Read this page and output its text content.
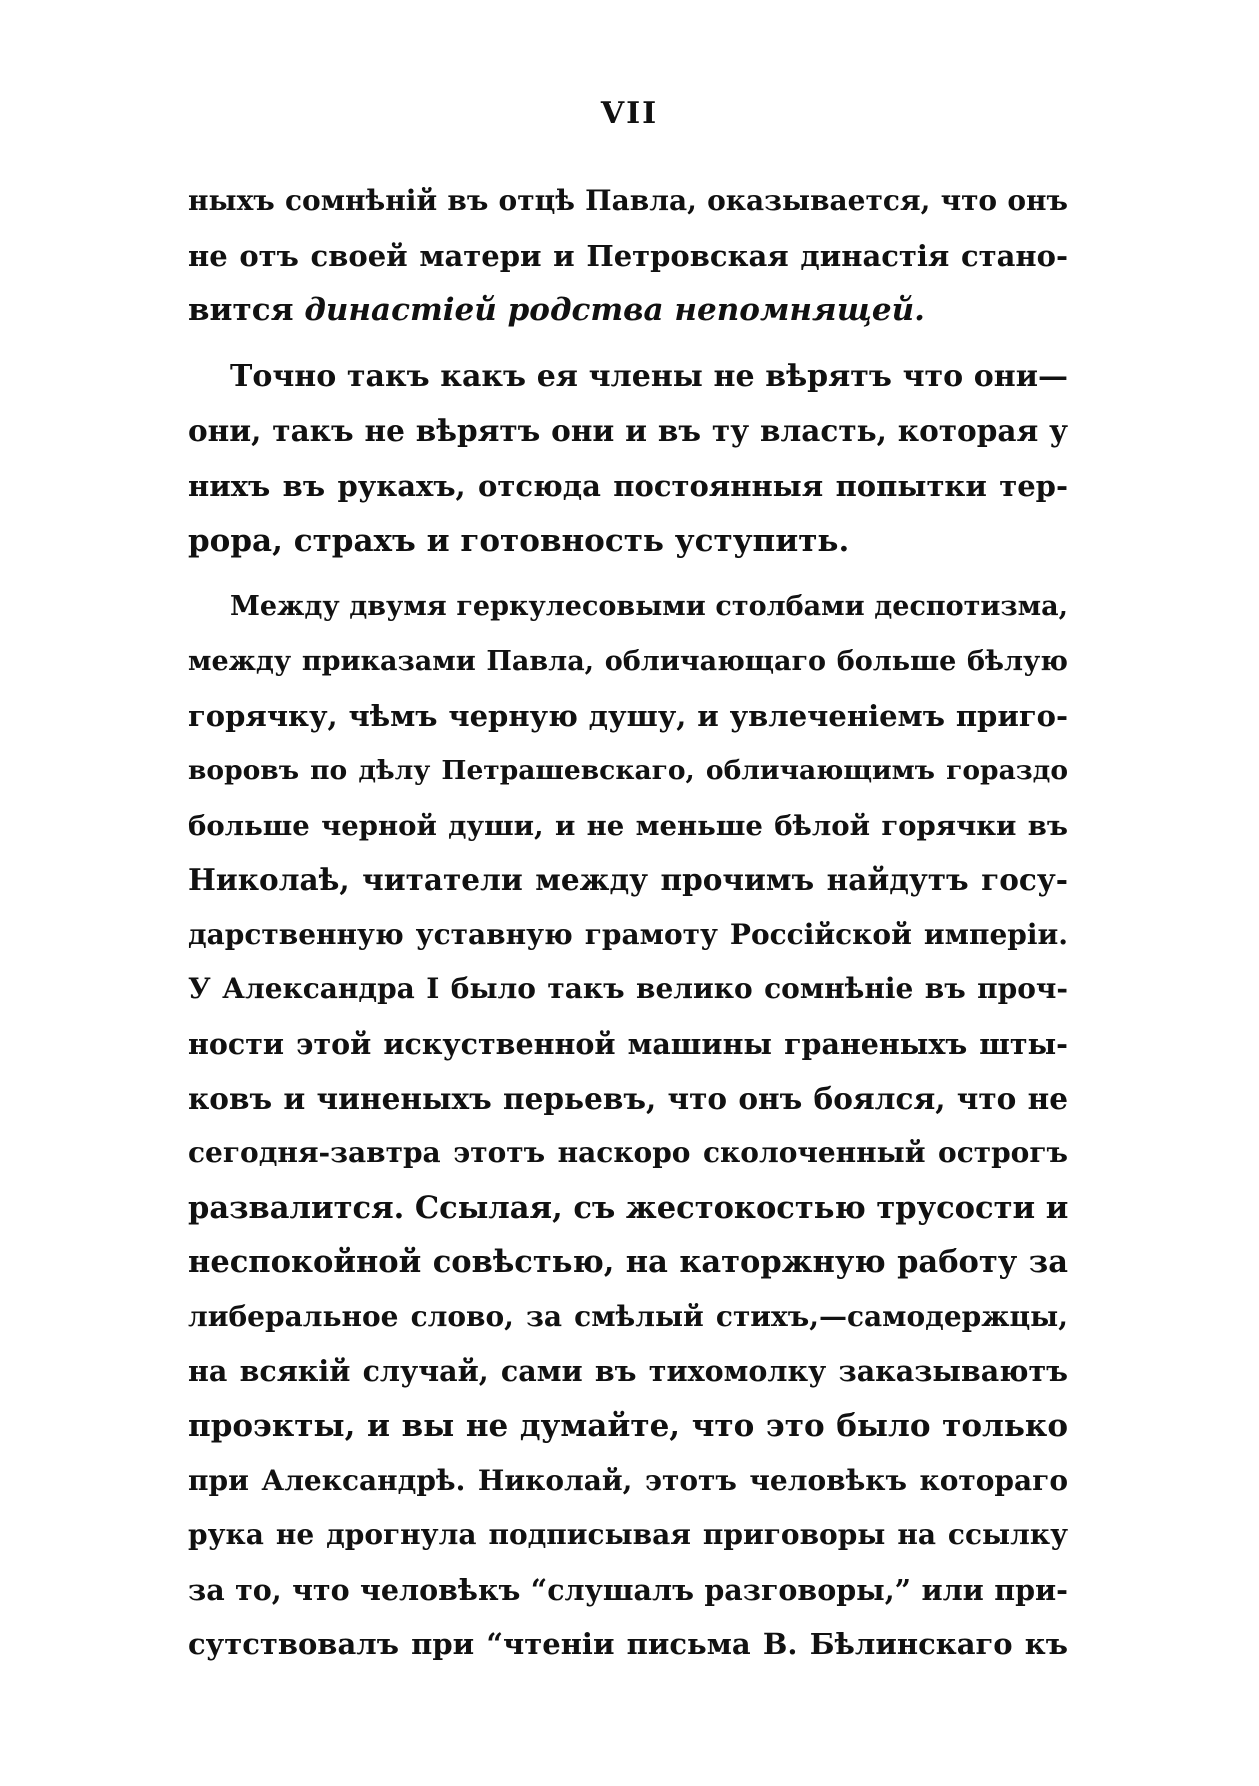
VII
ныхъ сомнѣній въ отцѣ Павла, оказывается, что онъ
не отъ своей матери и Петровская династія стано-
вится династіей родства непомнящей.
Точно такъ какъ ея члены не вѣрятъ что они—
они, такъ не вѣрятъ они и въ ту власть, которая у
нихъ въ рукахъ, отсюда постоянныя попытки тер-
рора, страхъ и готовность уступить.
Между двумя геркулесовыми столбами деспотизма,
между приказами Павла, обличающаго больше бѣлую
горячку, чѣмъ черную душу, и увлеченіемъ приго-
воровъ по дѣлу Петрашевскаго, обличающимъ гораздо
больше черной души, и не меньше бѣлой горячки въ
Николаѣ, читатели между прочимъ найдутъ госу-
дарственную уставную грамоту Россійской имперіи.
У Александра I было такъ велико сомнѣніе въ проч-
ности этой искуственной машины граненыхъ шты-
ковъ и чиненыхъ перьевъ, что онъ боялся, что не
сегодня-завтра этотъ наскоро сколоченный острогъ
развалится. Ссылая, съ жестокостью трусости и
неспокойной совѣстью, на каторжную работу за
либеральное слово, за смѣлый стихъ,—самодержцы,
на всякій случай, сами въ тихомолку заказываютъ
проэкты, и вы не думайте, что это было только
при Александрѣ. Николай, этотъ человѣкъ котораго
рука не дрогнула подписывая приговоры на ссылку
за то, что человѣкъ “слушалъ разговоры,” или при-
сутствовалъ при “чтеніи письма В. Бѣлинскаго къ
